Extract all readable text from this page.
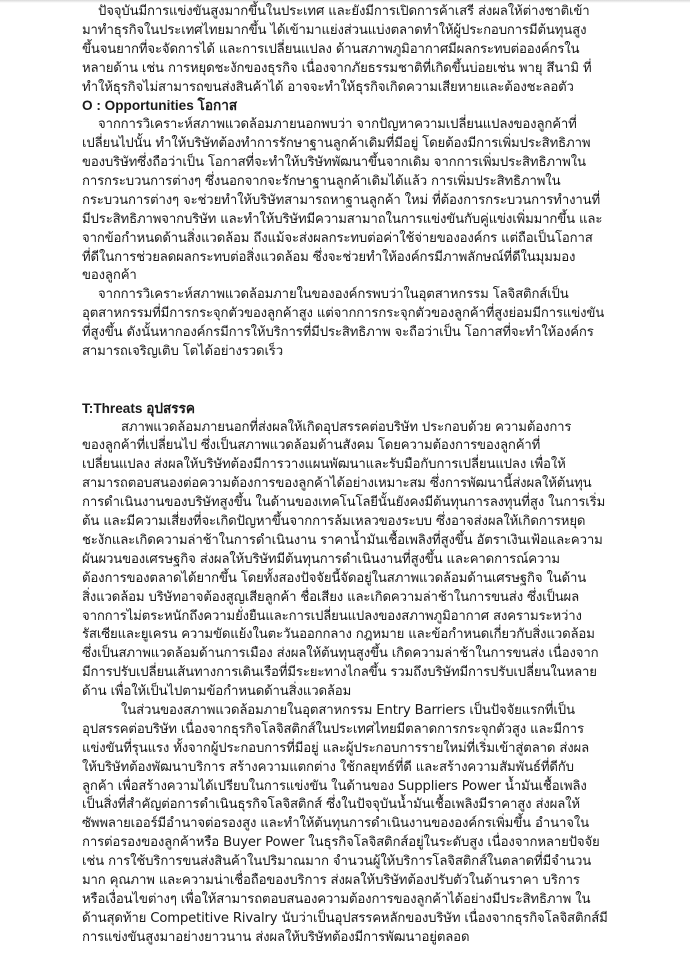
ปัจจุบันมีการแข่งขันสูงมากขึ้นในประเทศ และยังมีการเปิดการค้าเสรี ส่งผลให้ต่างชาติเข้า
มาทำธุรกิจในประเทศไทยมากขึ้น ได้เข้ามาแย่งส่วนแบ่งตลาดทำให้ผู้ประกอบการมีต้นทุนสูง
ขึ้นจนยากที่จะจัดการได้ และการเปลี่ยนแปลง ด้านสภาพภูมิอากาศมีผลกระทบต่อองค์กรใน
หลายด้าน เช่น การหยุดชะงักของธุรกิจ เนื่องจากภัยธรรมชาติที่เกิดขึ้นบ่อยเช่น พายุ สึนามิ ที่
ทำให้ธุรกิจไม่สามารถขนส่งสินค้าได้ อาจจะทำให้ธุรกิจเกิดความเสียหายและต้องชะลอตัว
O : Opportunities โอกาส
จากการวิเคราะห์สภาพแวดล้อมภายนอกพบว่า จากปัญหาความเปลี่ยนแปลงของลูกค้าที่
เปลี่ยนไปนั้น ทำให้บริษัทต้องทำการรักษาฐานลูกค้าเดิมที่มีอยู่ โดยต้องมีการเพิ่มประสิทธิภาพ
ของบริษัทซึ่งถือว่าเป็น โอกาสที่จะทำให้บริษัทพัฒนาขึ้นจากเดิม จากการเพิ่มประสิทธิภาพใน
การกระบวนการต่างๆ ซึ่งนอกจากจะรักษาฐานลูกค้าเดิมได้แล้ว การเพิ่มประสิทธิภาพใน
กระบวนการต่างๆ จะช่วยทำให้บริษัทสามารถหาฐานลูกค้า ใหม่ ที่ต้องการกระบวนการทำงานที่
มีประสิทธิภาพจากบริษัท และทำให้บริษัทมีความสามาถในการแข่งขันกับคู่แข่งเพิ่มมากขึ้น และ
จากข้อกำหนดด้านสิ่งแวดล้อม ถึงแม้จะส่งผลกระทบต่อค่าใช้จ่ายขององค์กร แต่ถือเป็นโอกาส
ที่ดีในการช่วยลดผลกระทบต่อสิ่งแวดล้อม ซึ่งจะช่วยทำให้องค์กรมีภาพลักษณ์ที่ดีในมุมมอง
ของลูกค้า
จากการวิเคราะห์สภาพแวดล้อมภายในขององค์กรพบว่าในอุตสาหกรรม โลจิสติกส์เป็น
อุตสาหกรรมที่มีการกระจุกตัวของลูกค้าสูง แต่จากการกระจุกตัวของลูกค้าที่สูงย่อมมีการแข่งขัน
ที่สูงขึ้น ดังนั้นหากองค์กรมีการให้บริการที่มีประสิทธิภาพ จะถือว่าเป็น โอกาสที่จะทำให้องค์กร
สามารถเจริญเติบ โตได้อย่างรวดเร็ว
T:Threats อุปสรรค
สภาพแวดล้อมภายนอกที่ส่งผลให้เกิดอุปสรรคต่อบริษัท ประกอบด้วย ความต้องการ
ของลูกค้าที่เปลี่ยนไป ซึ่งเป็นสภาพแวดล้อมด้านสังคม โดยความต้องการของลูกค้าที่
เปลี่ยนแปลง ส่งผลให้บริษัทต้องมีการวางแผนพัฒนาและรับมือกับการเปลี่ยนแปลง เพื่อให้
สามารถตอบสนองต่อความต้องการของลูกค้าได้อย่างเหมาะสม ซึ่งการพัฒนานี้ส่งผลให้ต้นทุน
การดำเนินงานของบริษัทสูงขึ้น ในด้านของเทคโนโลยีนั้นยังคงมีต้นทุนการลงทุนที่สูง ในการเริ่ม
ต้น และมีความเสี่ยงที่จะเกิดปัญหาขึ้นจากการล้มเหลวของระบบ ซึ่งอาจส่งผลให้เกิดการหยุด
ชะงักและเกิดความล่าช้าในการดำเนินงาน ราคาน้ำมันเชื้อเพลิงที่สูงขึ้น อัตราเงินเฟ้อและความ
ผันผวนของเศรษฐกิจ ส่งผลให้บริษัทมีต้นทุนการดำเนินงานที่สูงขึ้น และคาดการณ์ความ
ต้องการของตลาดได้ยากขึ้น โดยทั้งสองปัจจัยนี้จัดอยู่ในสภาพแวดล้อมด้านเศรษฐกิจ ในด้าน
สิ่งแวดล้อม บริษัทอาจต้องสูญเสียลูกค้า ชื่อเสียง และเกิดความล่าช้าในการขนส่ง ซึ่งเป็นผล
จากการไม่ตระหนักถึงความยั่งยืนและการเปลี่ยนแปลงของสภาพภูมิอากาศ สงครามระหว่าง
รัสเซียและยูเครน ความขัดแย้งในตะวันออกกลาง กฎหมาย และข้อกำหนดเกี่ยวกับสิ่งแวดล้อม
ซึ่งเป็นสภาพแวดล้อมด้านการเมือง ส่งผลให้ต้นทุนสูงขึ้น เกิดความล่าช้าในการขนส่ง เนื่องจาก
มีการปรับเปลี่ยนเส้นทางการเดินเรือที่มีระยะทางไกลขึ้น รวมถึงบริษัทมีการปรับเปลี่ยนในหลาย
ด้าน เพื่อให้เป็นไปตามข้อกำหนดด้านสิ่งแวดล้อม
ในส่วนของสภาพแวดล้อมภายในอุตสาหกรรม Entry Barriers เป็นปัจจัยแรกที่เป็น
อุปสรรคต่อบริษัท เนื่องจากธุรกิจโลจิสติกส์ในประเทศไทยมีตลาดการกระจุกตัวสูง และมีการ
แข่งขันที่รุนแรง ทั้งจากผู้ประกอบการที่มีอยู่ และผู้ประกอบการรายใหม่ที่เริ่มเข้าสู่ตลาด ส่งผล
ให้บริษัทต้องพัฒนาบริการ สร้างความแตกต่าง ใช้กลยุทธ์ที่ดี และสร้างความสัมพันธ์ที่ดีกับ
ลูกค้า เพื่อสร้างความได้เปรียบในการแข่งขัน ในด้านของ Suppliers Power น้ำมันเชื้อเพลิง
เป็นสิ่งที่สำคัญต่อการดำเนินธุรกิจโลจิสติกส์ ซึ่งในปัจจุบันน้ำมันเชื้อเพลิงมีราคาสูง ส่งผลให้
ซัพพลายเออร์มีอำนาจต่อรองสูง และทำให้ต้นทุนการดำเนินงานขององค์กรเพิ่มขึ้น อำนาจใน
การต่อรองของลูกค้าหรือ Buyer Power ในธุรกิจโลจิสติกส์อยู่ในระดับสูง เนื่องจากหลายปัจจัย
เช่น การใช้บริการขนส่งสินค้าในปริมาณมาก จำนวนผู้ให้บริการโลจิสติกส์ในตลาดที่มีจำนวน
มาก คุณภาพ และความน่าเชื่อถือของบริการ ส่งผลให้บริษัทต้องปรับตัวในด้านราคา บริการ
หรือเงื่อนไขต่างๆ เพื่อให้สามารถตอบสนองความต้องการของลูกค้าได้อย่างมีประสิทธิภาพ ใน
ด้านสุดท้าย Competitive Rivalry นับว่าเป็นอุปสรรคหลักของบริษัท เนื่องจากธุรกิจโลจิสติกส์มี
การแข่งขันสูงมาอย่างยาวนาน ส่งผลให้บริษัทต้องมีการพัฒนาอยู่ตลอด
